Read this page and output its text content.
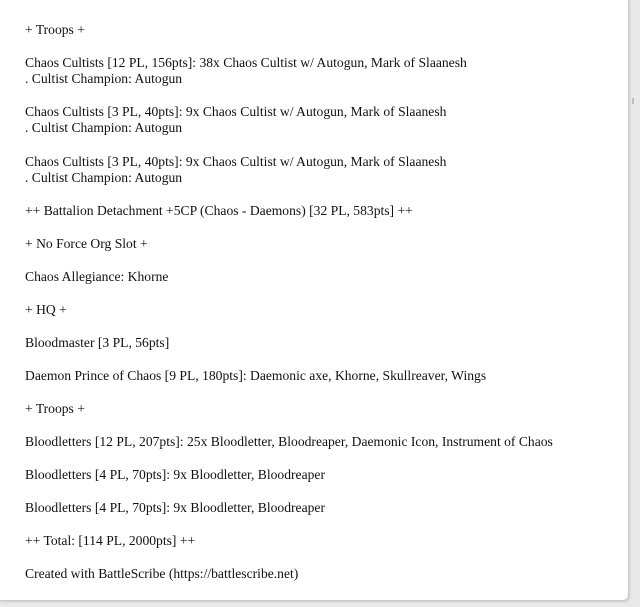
+ Troops +
Chaos Cultists [12 PL, 156pts]: 38x Chaos Cultist w/ Autogun, Mark of Slaanesh
. Cultist Champion: Autogun
Chaos Cultists [3 PL, 40pts]: 9x Chaos Cultist w/ Autogun, Mark of Slaanesh
. Cultist Champion: Autogun
Chaos Cultists [3 PL, 40pts]: 9x Chaos Cultist w/ Autogun, Mark of Slaanesh
. Cultist Champion: Autogun
++ Battalion Detachment +5CP (Chaos - Daemons) [32 PL, 583pts] ++
+ No Force Org Slot +
Chaos Allegiance: Khorne
+ HQ +
Bloodmaster [3 PL, 56pts]
Daemon Prince of Chaos [9 PL, 180pts]: Daemonic axe, Khorne, Skullreaver, Wings
+ Troops +
Bloodletters [12 PL, 207pts]: 25x Bloodletter, Bloodreaper, Daemonic Icon, Instrument of Chaos
Bloodletters [4 PL, 70pts]: 9x Bloodletter, Bloodreaper
Bloodletters [4 PL, 70pts]: 9x Bloodletter, Bloodreaper
++ Total: [114 PL, 2000pts] ++
Created with BattleScribe (https://battlescribe.net)
